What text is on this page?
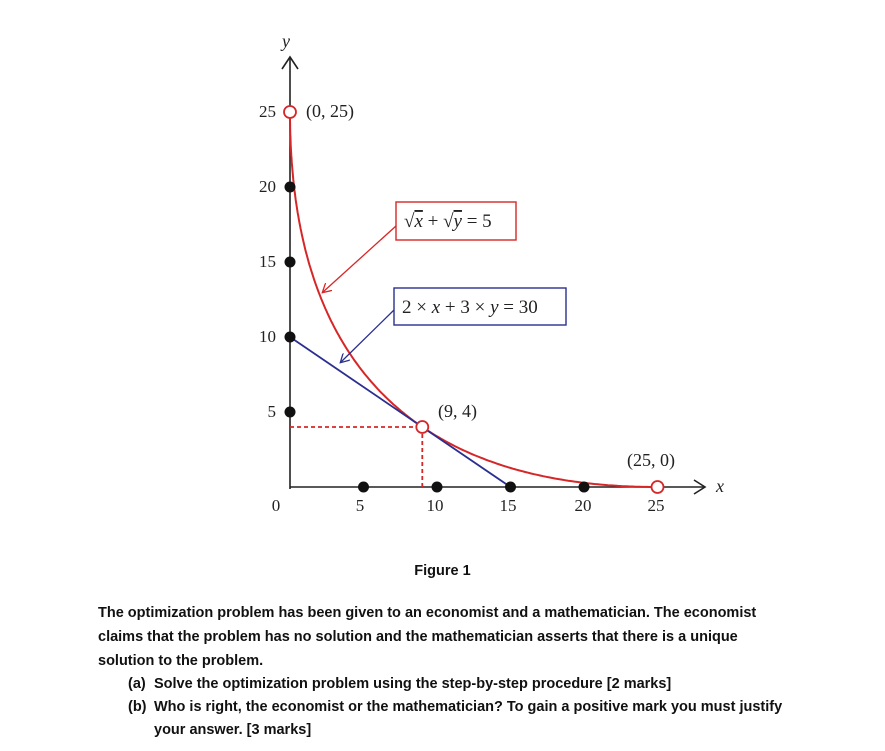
y
x
25
20
15
10
5
0	5	10	15	20	25
(0, 25)
(9, 4)
(25, 0)
√x + √y = 5
2 × x + 3 × y = 30
Figure 1

The optimization problem has been given to an economist and a mathematician. The economist claims that the problem has no solution and the mathematician asserts that there is a unique solution to the problem.

(a) Solve the optimization problem using the step-by-step procedure [2 marks]
(b) Who is right, the economist or the mathematician? To gain a positive mark you must justify your answer. [3 marks]
